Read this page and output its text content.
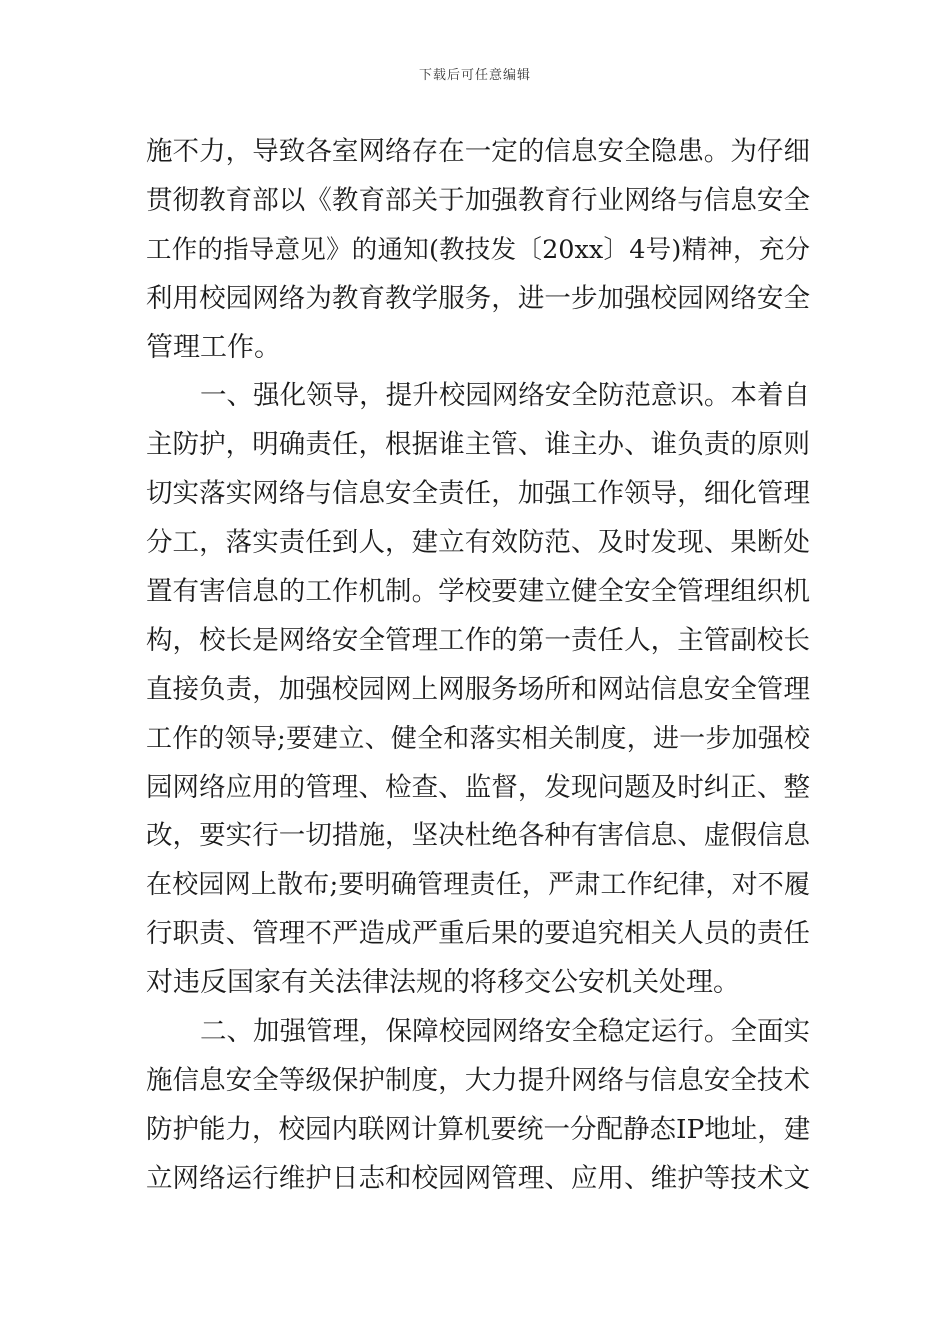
下载后可任意编辑
施不力，导致各室网络存在一定的信息安全隐患。为仔细
贯彻教育部以《教育部关于加强教育行业网络与信息安全
工作的指导意见》的通知(教技发〔20xx〕4号)精神，充分
利用校园网络为教育教学服务，进一步加强校园网络安全
管理工作。
一、强化领导，提升校园网络安全防范意识。本着自
主防护，明确责任，根据谁主管、谁主办、谁负责的原则
切实落实网络与信息安全责任，加强工作领导，细化管理
分工，落实责任到人，建立有效防范、及时发现、果断处
置有害信息的工作机制。学校要建立健全安全管理组织机
构，校长是网络安全管理工作的第一责任人，主管副校长
直接负责，加强校园网上网服务场所和网站信息安全管理
工作的领导;要建立、健全和落实相关制度，进一步加强校
园网络应用的管理、检查、监督，发现问题及时纠正、整
改，要实行一切措施，坚决杜绝各种有害信息、虚假信息
在校园网上散布;要明确管理责任，严肃工作纪律，对不履
行职责、管理不严造成严重后果的要追究相关人员的责任
对违反国家有关法律法规的将移交公安机关处理。
二、加强管理，保障校园网络安全稳定运行。全面实
施信息安全等级保护制度，大力提升网络与信息安全技术
防护能力，校园内联网计算机要统一分配静态IP地址，建
立网络运行维护日志和校园网管理、应用、维护等技术文
